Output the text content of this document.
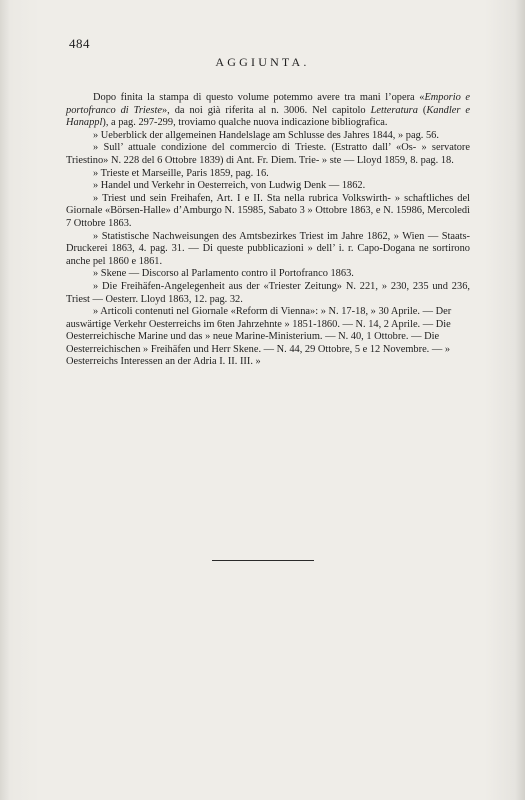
484
AGGIUNTA.

Dopo finita la stampa di questo volume potemmo avere tra mani l’opera «Emporio e portofranco di Trieste», da noi già riferita al n. 3006. Nel capitolo Letteratura (Kandler e Hanappl), a pag. 297-299, troviamo qualche nuova indicazione bibliografica.

» Ueberblick der allgemeinen Handelslage am Schlusse des Jahres 1844, » pag. 56.

» Sull’ attuale condizione del commercio di Trieste. (Estratto dall’ «Os- » servatore Triestino» N. 228 del 6 Ottobre 1839) di Ant. Fr. Diem. Trie- » ste — Lloyd 1859, 8. pag. 18.

» Trieste et Marseille, Paris 1859, pag. 16.

» Handel und Verkehr in Oesterreich, von Ludwig Denk — 1862.

» Triest und sein Freihafen, Art. I e II. Sta nella rubrica Volkswirth- » schaftliches del Giornale «Börsen-Halle» d’Amburgo N. 15985, Sabato 3 » Ottobre 1863, e N. 15986, Mercoledì 7 Ottobre 1863.

» Statistische Nachweisungen des Amtsbezirkes Triest im Jahre 1862, » Wien — Staats-Druckerei 1863, 4. pag. 31. — Di queste pubblicazioni » dell’ i. r. Capo-Dogana ne sortirono anche pel 1860 e 1861.

» Skene — Discorso al Parlamento contro il Portofranco 1863.

» Die Freihäfen-Angelegenheit aus der «Triester Zeitung» N. 221, » 230, 235 und 236, Triest — Oesterr. Lloyd 1863, 12. pag. 32.

» Articoli contenuti nel Giornale «Reform di Vienna»: » N. 17-18, » 30 Aprile. — Der auswärtige Verkehr Oesterreichs im 6ten Jahrzehnte » 1851-1860. — N. 14, 2 Aprile. — Die Oesterreichische Marine und das » neue Marine-Ministerium. — N. 40, 1 Ottobre. — Die Oesterreichischen » Freihäfen und Herr Skene. — N. 44, 29 Ottobre, 5 e 12 Novembre. — » Oesterreichs Interessen an der Adria I. II. III. »
